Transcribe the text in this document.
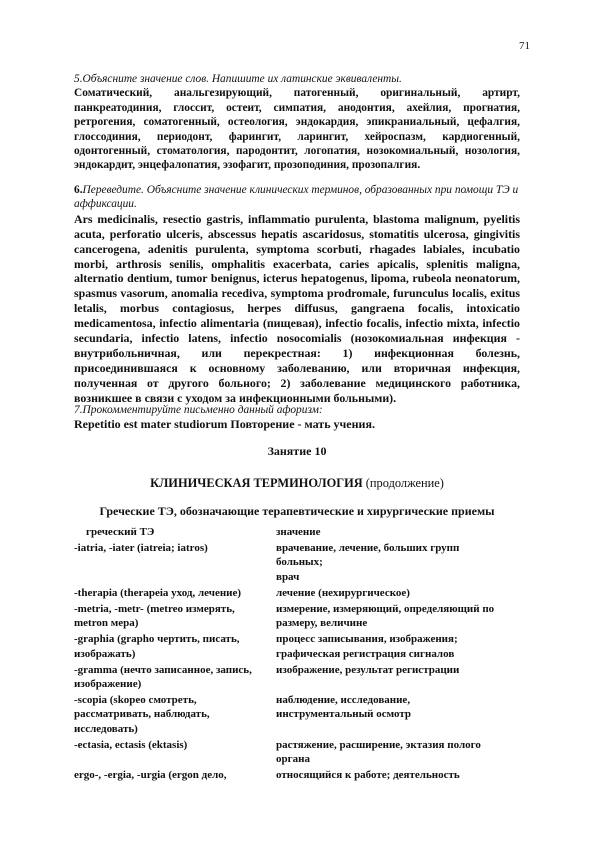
71
5.Объясните значение слов. Напишите их латинские эквиваленты.
Соматический, анальгезирующий, патогенный, оригинальный, артирт, панкреатодиния, глоссит, остеит, симпатия, анодонтия, ахейлия, прогнатия, ретрогения, соматогенный, остеология, эндокардия, эпикраниальный, цефалгия, глоссодиния, периодонт, фарингит, ларингит, хейроспазм, кардиогенный, одонтогенный, стоматология, пародонтит, логопатия, нозокомиальный, нозология, эндокардит, энцефалопатия, эзофагит, прозоподиния, прозопалгия.
6.Переведите. Объясните значение клинических терминов, образованных при помощи ТЭ и аффиксации.
Ars medicinalis, resectio gastris, inflammatio purulenta, blastoma malignum, pyelitis acuta, perforatio ulceris, abscessus hepatis ascaridosus, stomatitis ulcerosa, gingivitis cancerogena, adenitis purulenta, symptoma scorbuti, rhagades labiales, incubatio morbi, arthrosis senilis, omphalitis exacerbata, caries apicalis, splenitis maligna, alternatio dentium, tumor benignus, icterus hepatogenus, lipoma, rubeola neonatorum, spasmus vasorum, anomalia recediva, symptoma prodromale, furunculus localis, exitus letalis, morbus contagiosus, herpes diffusus, gangraena focalis, intoxicatio medicamentosa, infectio alimentaria (пищевая), infectio focalis, infectio mixta, infectio secundaria, infectio latens, infectio nosocomialis (нозокомиальная инфекция - внутрибольничная, или перекрестная: 1) инфекционная болезнь, присоединившаяся к основному заболеванию, или вторичная инфекция, полученная от другого больного; 2) заболевание медицинского работника, возникшее в связи с уходом за инфекционными больными).
7.Прокомментируйте письменно данный афоризм:
Repetitio est mater studiorum Повторение - мать учения.
Занятие 10
КЛИНИЧЕСКАЯ ТЕРМИНОЛОГИЯ (продолжение)
Греческие ТЭ, обозначающие терапевтические и хирургические приемы
греческий ТЭ	значение
-iatria, -iater (iatreia; iatros)	врачевание, лечение, больших групп
больных;
врач
-therapia (therapeia уход, лечение)	лечение (нехирургическое)
-metria, -metr- (metreo измерять,
metron мера)	измерение, измеряющий, определяющий по
размеру, величине
-graphia (grapho чертить, писать,
изображать)	процесс записывания, изображения;
графическая регистрация сигналов
-gramma (нечто записанное, запись,
изображение)	изображение, результат регистрации
-scopia (skopeo смотреть,
рассматривать, наблюдать,
исследовать)	наблюдение, исследование,
инструментальный осмотр
-ectasia, ectasis (ektasis)	растяжение, расширение, эктазия полого
органа
ergo-, -ergia, -urgia (ergon дело,	относящийся к работе; деятельность
